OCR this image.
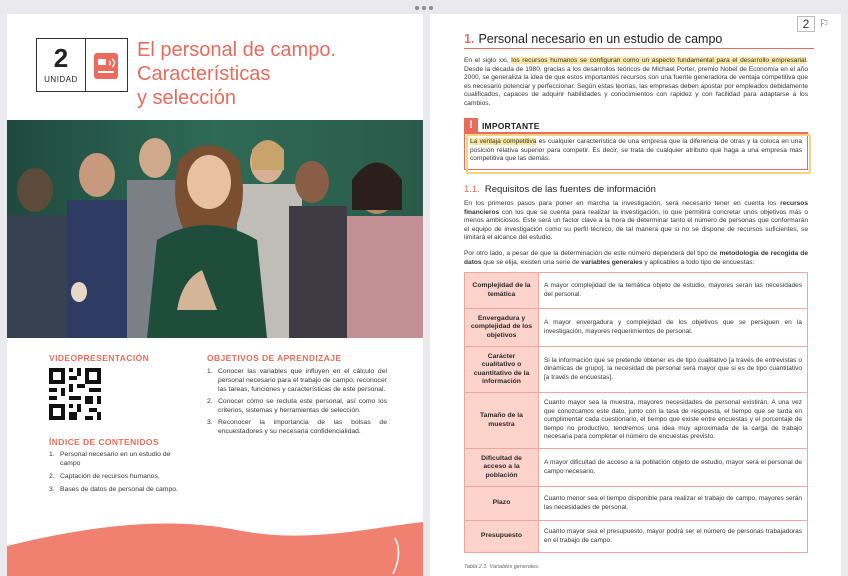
2
UNIDAD
El personal de campo.
Características
y selección
VIDEOPRESENTACIÓN
ÍNDICE DE CONTENIDOS
1. Personal necesario en un estudio de campo
2. Captación de recursos humanos.
3. Bases de datos de personal de campo.
OBJETIVOS DE APRENDIZAJE
1. Conocer las variables que influyen en el cálculo del personal necesario para el trabajo de campo; reconocer las tareas, funciones y características de este personal.
2. Conocer cómo se recluta este personal, así como los criterios, sistemas y herramientas de selección.
3. Reconocer la importancia de las bolsas de encuestadores y su necesaria confidencialidad.
2 ⚐
1. Personal necesario en un estudio de campo

En el siglo xxi, los recursos humanos se configuran como un aspecto fundamental para el desarrollo empresarial. Desde la década de 1980, gracias a los desarrollos teóricos de Michael Porter, premio Nobel de Economía en el año 2000, se generaliza la idea de que estos importantes recursos son una fuente generadora de ventaja competitiva que es necesario potenciar y perfeccionar. Según estas teorías, las empresas deben apostar por empleados debidamente cualificados, capaces de adquirir habilidades y conocimientos con rapidez y con facilidad para adaptarse a los cambios.

!	IMPORTANTE
La ventaja competitiva es cualquier característica de una empresa que la diferencia de otras y la coloca en una posición relativa superior para competir. Es decir, se trata de cualquier atributo que haga a una empresa más competitiva que las demás.
1.1. Requisitos de las fuentes de información

En los primeros pasos para poner en marcha la investigación, será necesario tener en cuenta los recursos financieros con los que se cuenta para realizar la investigación, lo que permitirá concretar unos objetivos más o menos ambiciosos. Este será un factor clave a la hora de determinar tanto el número de personas que conformarán el equipo de investigación como su perfil técnico, de tal manera que si no se dispone de recursos suficientes, se limitará el alcance del estudio.

Por otro lado, a pesar de que la determinación de este número dependerá del tipo de metodología de recogida de datos que se elija, existen una serie de variables generales y aplicables a todo tipo de encuestas:

Complejidad de la temática	A mayor complejidad de la temática objeto de estudio, mayores serán las necesidades del personal.
Envergadura y complejidad de los objetivos	A mayor envergadura y complejidad de los objetivos que se persiguen en la investigación, mayores requerimientos de personal.
Carácter cualitativo o cuantitativo de la información	Si la información que se pretende obtener es de tipo cualitativo [a través de entrevistas o dinámicas de grupo], la necesidad de personal será mayor que si es de tipo cuantitativo [a través de encuestas].
Tamaño de la muestra	Cuanto mayor sea la muestra, mayores necesidades de personal existirán. A una vez que conozcamos este dato, junto con la tasa de respuesta, el tiempo que se tarda en cumplimentar cada cuestionario, el tiempo que existe entre encuestas y el porcentaje de tiempo no productivo, tendremos una idea muy aproximada de la carga de trabajo necesaria para completar el número de encuestas previsto.
Dificultad de acceso a la población	A mayor dificultad de acceso a la población objeto de estudio, mayor será el personal de campo necesario.
Plazo	Cuanto menor sea el tiempo disponible para realizar el trabajo de campo, mayores serán las necesidades de personal.
Presupuesto	Cuanto mayor sea el presupuesto, mayor podrá ser el número de personas trabajadoras en el trabajo de campo.
Tabla 2.1. Variables generales.
